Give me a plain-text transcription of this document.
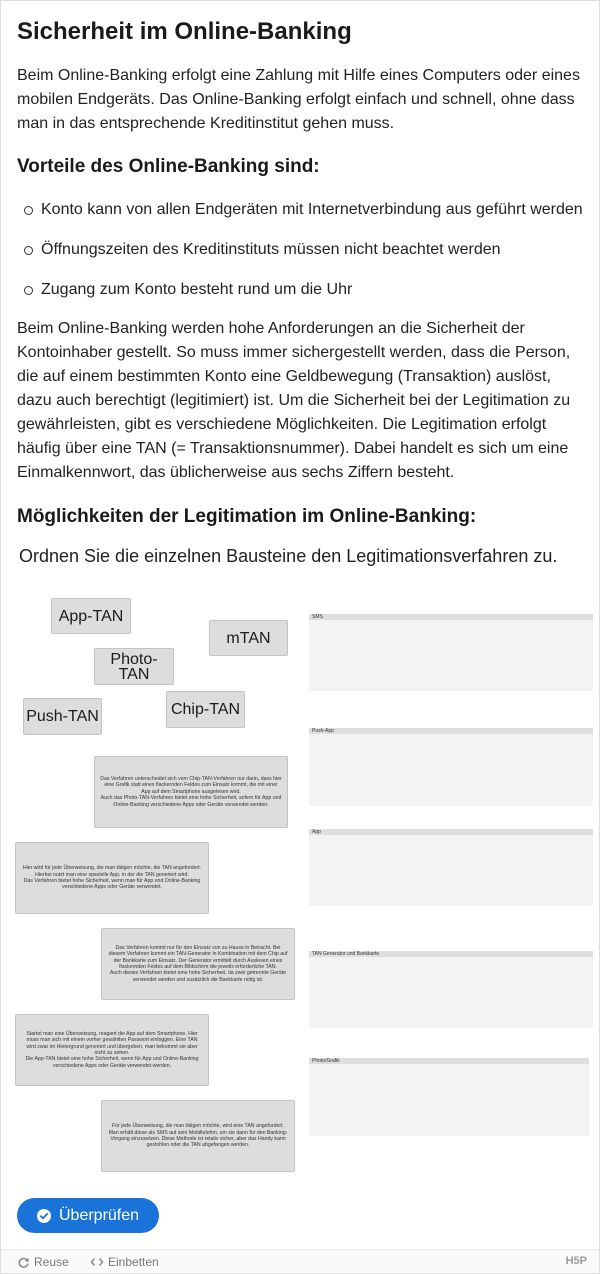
Sicherheit im Online-Banking

Beim Online-Banking erfolgt eine Zahlung mit Hilfe eines Computers oder eines mobilen Endgeräts. Das Online-Banking erfolgt einfach und schnell, ohne dass man in das entsprechende Kreditinstitut gehen muss.

Vorteile des Online-Banking sind:
Konto kann von allen Endgeräten mit Internetverbindung aus geführt werden
Öffnungszeiten des Kreditinstituts müssen nicht beachtet werden
Zugang zum Konto besteht rund um die Uhr

Beim Online-Banking werden hohe Anforderungen an die Sicherheit der Kontoinhaber gestellt. So muss immer sichergestellt werden, dass die Person, die auf einem bestimmten Konto eine Geldbewegung (Transaktion) auslöst, dazu auch berechtigt (legitimiert) ist. Um die Sicherheit bei der Legitimation zu gewährleisten, gibt es verschiedene Möglichkeiten. Die Legitimation erfolgt häufig über eine TAN (= Transaktionsnummer). Dabei handelt es sich um eine Einmalkennwort, das üblicherweise aus sechs Ziffern besteht.

Möglichkeiten der Legitimation im Online-Banking:
Ordnen Sie die einzelnen Bausteine den Legitimationsverfahren zu.
App-TAN
mTAN
Photo-TAN
Push-TAN	Chip-TAN
Das Verfahren unterscheidet sich vom Chip-TAN-Verfahren nur darin, dass hier eine Grafik statt eines flackernden Feldes zum Einsatz kommt, die mit einer App auf dem Smartphone ausgelesen wird.
Auch das Photo-TAN-Verfahren bietet eine hohe Sicherheit, sofern für App und Online-Banking verschiedene Apps oder Geräte verwendet werden.
Hier wird für jede Überweisung, die man tätigen möchte, die TAN angefordert. Hierbei nutzt man eine spezielle App, in der die TAN generiert wird.
Das Verfahren bietet hohe Sicherheit, wenn man für App und Online-Banking verschiedene Apps oder Geräte verwendet.
Das Verfahren kommt nur für den Einsatz von zu Hause in Betracht. Bei diesem Verfahren kommt ein TAN-Generator in Kombination mit dem Chip auf der Bankkarte zum Einsatz. Der Generator ermittelt durch Auslesen eines flackernden Feldes auf dem Bildschirm die jeweils erforderliche TAN.
Auch dieses Verfahren bietet eine hohe Sicherheit, da zwei getrennte Geräte verwendet werden und zusätzlich die Bankkarte nötig ist.
Startet man eine Überweisung, reagiert die App auf dem Smartphone. Hier muss man sich mit einem vorher gewählten Passwort einloggen. Eine TAN wird zwar im Hintergrund generiert und übergeben, man bekommt sie aber nicht zu sehen.
Die App-TAN bietet eine hohe Sicherheit, wenn für App und Online-Banking verschiedene Apps oder Geräte verwendet werden.
Für jede Überweisung, die man tätigen möchte, wird eine TAN angefordert. Man erhält diese als SMS auf sein Mobiltelefon, um sie dann für den Banking-Vorgang einzusetzen. Diese Methode ist relativ sicher, aber das Handy kann gestohlen oder die TAN abgefangen werden.
SMS
Push-App
App
TAN Generator und Bankkarte
Photo/Grafik
Überprüfen
Reuse	Einbetten	H5P
